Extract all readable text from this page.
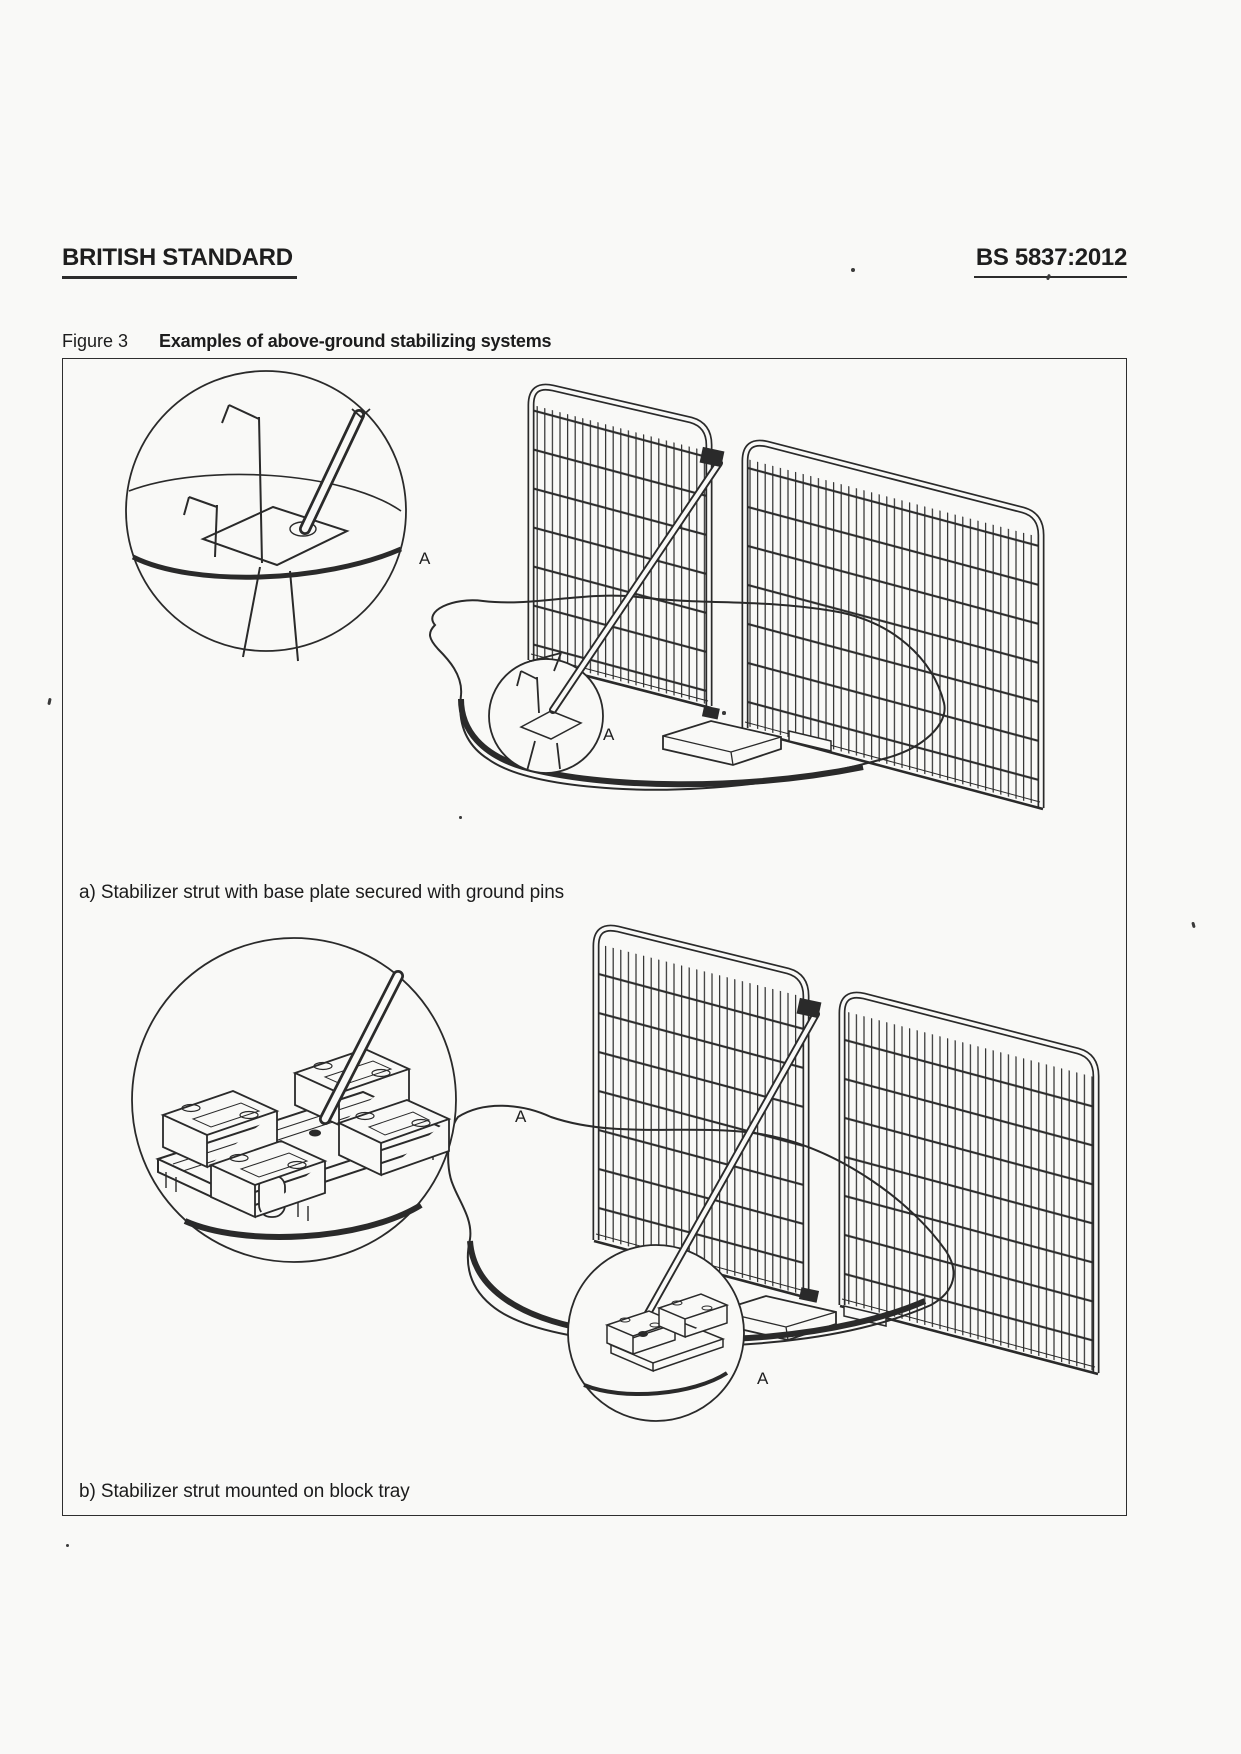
BRITISH STANDARD	BS 5837:2012
Figure 3 Examples of above-ground stabilizing systems
A
A
A
A
a) Stabilizer strut with base plate secured with ground pins
b) Stabilizer strut mounted on block tray
